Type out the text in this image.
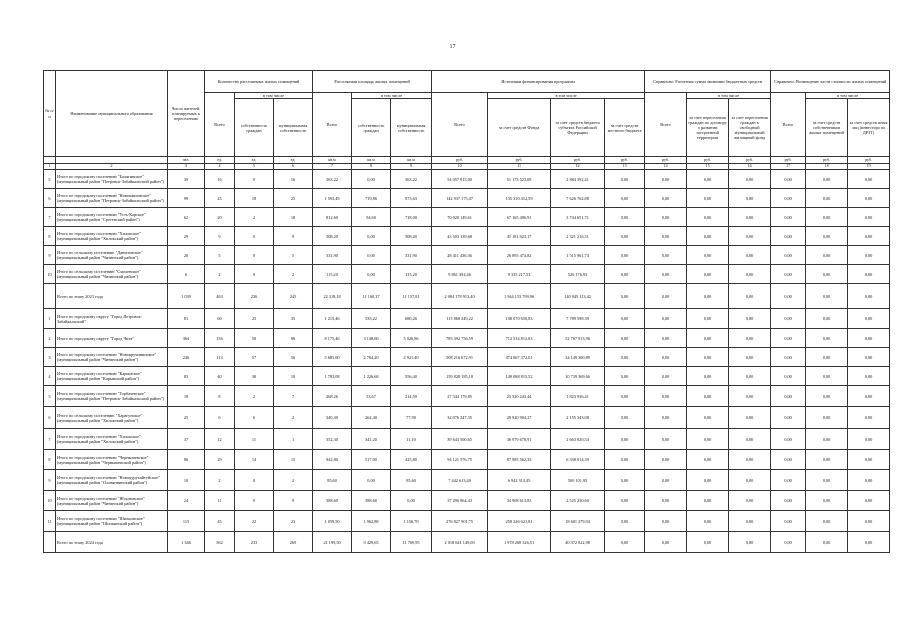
17
№ п/п	Наименование муниципального образования	Число жителей, планируемых к переселению	Количество расселяемых жилых помещений			Расселяемая площадь жилых помещений			Источники финансирования программы				Справочно: Расчетная сумма экономии бюджетных средств			Справочно: Возмещение части стоимости жилых помещений		
			Всего	в том числе		Всего	в том числе		Всего	в том числе			Всего	в том числе		Всего	в том числе	
				собственность граждан	муниципальная собственность		собственность граждан	муниципальная собственность		за счет средств Фонда	за счет средств бюджета субъекта Российской Федерации	за счет средств местного бюджета		за счет переселения граждан по договору о развитии застроенной территории	за счет переселения граждан в свободный муниципальный жилищный фонд		за счет средств собственников жилых помещений	за счет средств иных лиц (инвестора по ДРЗТ)
		чел.	ед.	ед.	ед.	кв.м	кв.м	кв.м	руб.	руб.	руб.	руб.	руб.	руб.	руб.	руб.	руб.	руб.
1	2	3	4	5	6	7	8	9	10	11	12	13	14	15	16	17	18	19
5	Итого по городскому поселению "Балягинское" (муниципальный район "Петровск-Забайкальский район")	39	16	0	16	563,22	0,00	563,22	54 057 915,00	51 173 523,09	2 884 392,41	0,00	0,00	0,00	0,00	0,00	0,00	0,00
6	Итого по городскому поселению "Новопавловское" (муниципальный район "Петровск-Забайкальский район")	99	43	18	25	1 593,49	719,86	873,63	142 937 175,47	135 310 412,59	7 626 762,88	0,00	0,00	0,00	0,00	0,00	0,00	0,00
7	Итого по городскому поселению "Усть-Карское" (муниципальный район "Сретенский район")	62	20	2	18	812,60	94,60	718,00	70 920 149,61	67 165 496,91	3 744 651,71	0,00	0,00	0,00	0,00	0,00	0,00	0,00
8	Итого по городскому поселению "Хилокское" (муниципальный район "Хилокский район")	29	9	0	9	508,20	0,00	508,20	43 503 139,68	41 181 923,17	2 321 216,51	0,00	0,00	0,00	0,00	0,00	0,00	0,00
9	Итого по сельскому поселению "Даниловское" (муниципальный район "Читинский район")	20	5	0	5	331,90	0,00	331,90	28 411 436,36	26 895 474,82	1 515 961,74	0,00	0,00	0,00	0,00	0,00	0,00	0,00
10	Итого по сельскому поселению "Смоленское" (муниципальный район "Читинский район")	6	2	0	2	115,20	0,00	115,20	9 861 394,46	9 335 217,53	526 176,93	0,00	0,00	0,00	0,00	0,00	0,00	0,00
	Всего по этапу 2023 года	1 039	463	236	245	22 318,18	11 160,37	11 157,81	2 084 178 913,40	1 944 133 799,96	140 045 113,42	0,00	0,00	0,00	0,00	0,00	0,00	0,00
1	Итого по городскому округу "Город Петровск-Забайкальский"	81	60	25	35	1 215,46	535,22	680,26	115 860 249,22	108 070 650,83	7 789 598,39	0,00	0,00	0,00	0,00	0,00	0,00	0,00
2	Итого по городскому округу "Город Чита"	364	156	50	96	8 175,46	3 148,60	5 026,86	785 392 756,59	712 534 812,63	52 767 913,96	0,00	0,00	0,00	0,00	0,00	0,00	0,00
3	Итого по городскому поселению "Новокручининское" (муниципальный район "Читинский район")	246	113	57	56	5 685,60	2 764,20	2 921,40	508 216 672,91	474 067 372,01	34 149 300,89	0,00	0,00	0,00	0,00	0,00	0,00	0,00
4	Итого по городскому поселению "Карымское" (муниципальный район "Карымский район")	83	40	30	10	1 783,08	1 226,68	556,40	159 828 185,18	149 088 815,52	10 739 369,66	0,00	0,00	0,00	0,00	0,00	0,00	0,00
5	Итого по городскому поселению "Горбачевское" (муниципальный район "Петровск-Забайкальский район")	18	8	2	7	268,26	53,67	214,59	27 344 179,85	25 520 243,44	1 823 936,41	0,00	0,00	0,00	0,00	0,00	0,00	0,00
6	Итого по сельскому поселению "Харагунское" (муниципальный район "Хилокский район")	25	6	6	2	340,30	262,40	77,90	32 076 247,35	29 920 904,27	2 155 343,08	0,00	0,00	0,00	0,00	0,00	0,00	0,00
7	Итого по городскому поселению "Хилокское" (муниципальный район "Хилокский район")	37	12	11	1	352,30	341,20	11,10	39 643 500,65	36 979 678,91	2 663 820,54	0,00	0,00	0,00	0,00	0,00	0,00	0,00
8	Итого по городскому поселению "Чернышевское" (муниципальный район "Чернышевский район")	86	29	14	15	942,80	517,00	425,80	94 121 576,75	87 985 562,35	6 338 014,39	0,00	0,00	0,00	0,00	0,00	0,00	0,00
9	Итого по городскому поселению "Новоцурухайтуйское" (муниципальный район "Оловяннинский район")	10	2	0	2	85,60	0,00	85,60	7 442 613,40	6 942 313,45	500 101,95	0,00	0,00	0,00	0,00	0,00	0,00	0,00
10	Итого по городскому поселению "Яблоновское" (муниципальный район "Читинский район")	24	11	9	9	388,60	388,60	0,00	37 296 864,43	34 908 613,83	2 525 250,60	0,00	0,00	0,00	0,00	0,00	0,00	0,00
11	Итого по городскому поселению "Шилкинское" (муниципальный район "Шилкинский район")	115	45	22	23	1 059,50	1 962,88	1 156,70	276 827 901,75	258 226 621,81	18 601 279,94	0,00	0,00	0,00	0,00	0,00	0,00	0,00
	Всего по этапу 2024 года	1 346	562	233	269	21 199,50	9 429,65	11 769,95	2 018 641 149,00	1 978 268 326,51	40 372 822,98	0,00	0,00	0,00	0,00	0,00	0,00	0,00
